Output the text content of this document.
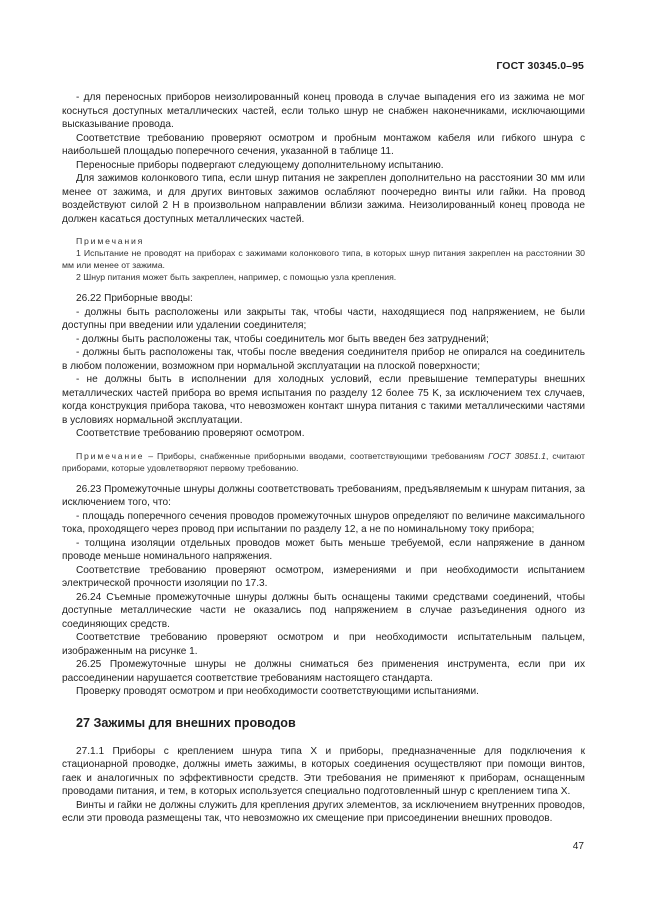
ГОСТ 30345.0–95

- для переносных приборов неизолированный конец провода в случае выпадения его из зажима не мог коснуться доступных металлических частей, если только шнур не снабжен наконечниками, исключающими высказывание провода.

Соответствие требованию проверяют осмотром и пробным монтажом кабеля или гибкого шнура с наибольшей площадью поперечного сечения, указанной в таблице 11.

Переносные приборы подвергают следующему дополнительному испытанию.

Для зажимов колонкового типа, если шнур питания не закреплен дополнительно на расстоянии 30 мм или менее от зажима, и для других винтовых зажимов ослабляют поочередно винты или гайки. На провод воздействуют силой 2 Н в произвольном направлении вблизи зажима. Неизолированный конец провода не должен касаться доступных металлических частей.

Примечания

1 Испытание не проводят на приборах с зажимами колонкового типа, в которых шнур питания закреплен на расстоянии 30 мм или менее от зажима.

2 Шнур питания может быть закреплен, например, с помощью узла крепления.

26.22 Приборные вводы:

- должны быть расположены или закрыты так, чтобы части, находящиеся под напряжением, не были доступны при введении или удалении соединителя;

- должны быть расположены так, чтобы соединитель мог быть введен без затруднений;

- должны быть расположены так, чтобы после введения соединителя прибор не опирался на соединитель в любом положении, возможном при нормальной эксплуатации на плоской поверхности;

- не должны быть в исполнении для холодных условий, если превышение температуры внешних металлических частей прибора во время испытания по разделу 12 более 75 K, за исключением тех случаев, когда конструкция прибора такова, что невозможен контакт шнура питания с такими металлическими частями в условиях нормальной эксплуатации.

Соответствие требованию проверяют осмотром.

Примечание – Приборы, снабженные приборными вводами, соответствующими требованиям ГОСТ 30851.1, считают приборами, которые удовлетворяют первому требованию.

26.23 Промежуточные шнуры должны соответствовать требованиям, предъявляемым к шнурам питания, за исключением того, что:

- площадь поперечного сечения проводов промежуточных шнуров определяют по величине максимального тока, проходящего через провод при испытании по разделу 12, а не по номинальному току прибора;

- толщина изоляции отдельных проводов может быть меньше требуемой, если напряжение в данном проводе меньше номинального напряжения.

Соответствие требованию проверяют осмотром, измерениями и при необходимости испытанием электрической прочности изоляции по 17.3.

26.24 Съемные промежуточные шнуры должны быть оснащены такими средствами соединений, чтобы доступные металлические части не оказались под напряжением в случае разъединения одного из соединяющих средств.

Соответствие требованию проверяют осмотром и при необходимости испытательным пальцем, изображенным на рисунке 1.

26.25 Промежуточные шнуры не должны сниматься без применения инструмента, если при их рассоединении нарушается соответствие требованиям настоящего стандарта.

Проверку проводят осмотром и при необходимости соответствующими испытаниями.

27 Зажимы для внешних проводов

27.1.1 Приборы с креплением шнура типа X и приборы, предназначенные для подключения к стационарной проводке, должны иметь зажимы, в которых соединения осуществляют при помощи винтов, гаек и аналогичных по эффективности средств. Эти требования не применяют к приборам, оснащенным проводами питания, и тем, в которых используется специально подготовленный шнур с креплением типа X.

Винты и гайки не должны служить для крепления других элементов, за исключением внутренних проводов, если эти провода размещены так, что невозможно их смещение при присоединении внешних проводов.

47
